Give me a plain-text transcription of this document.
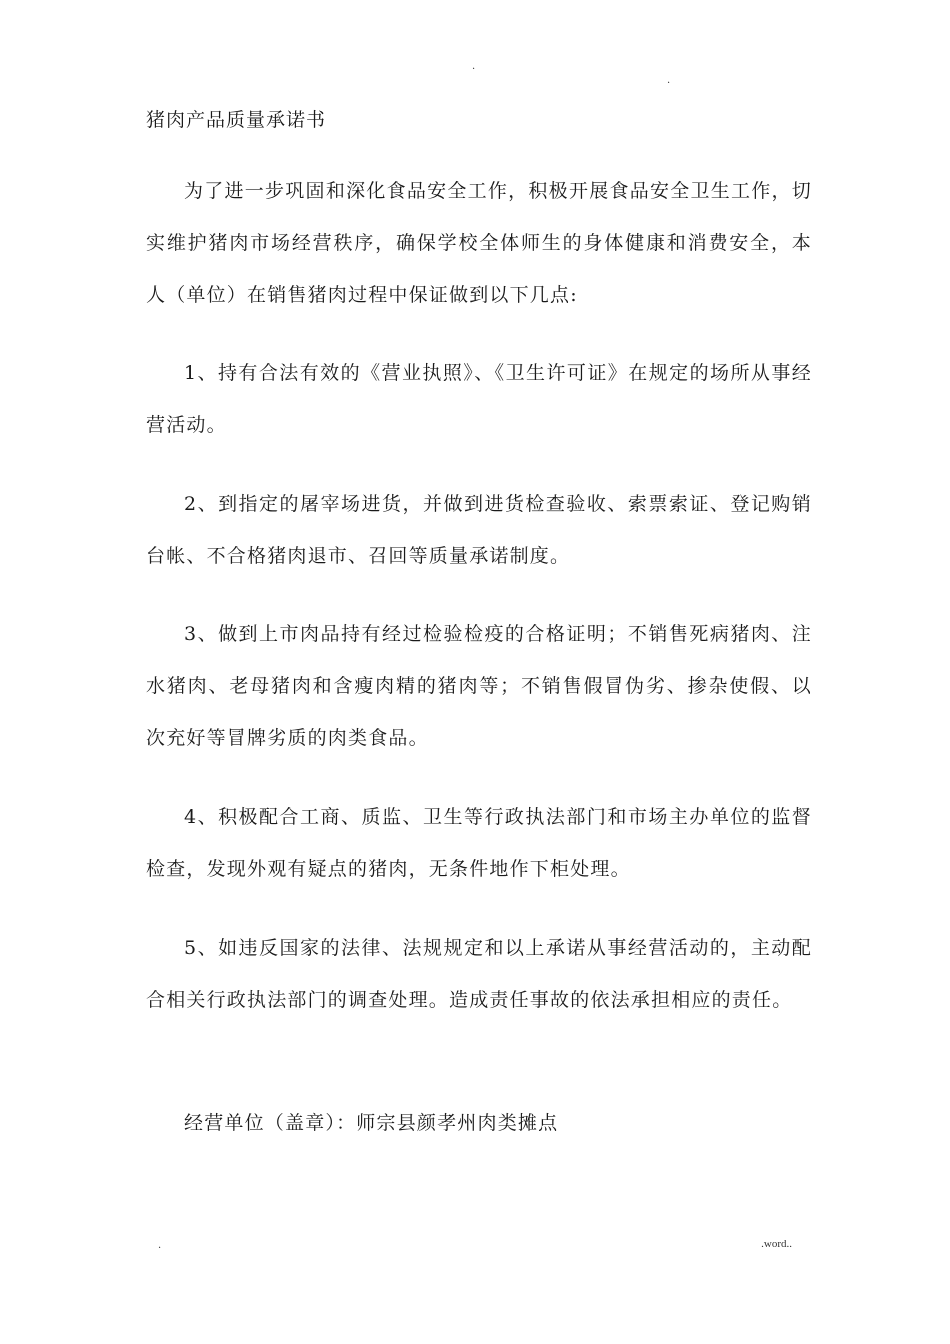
.
.
猪肉产品质量承诺书

为了进一步巩固和深化食品安全工作，积极开展食品安全卫生工作，切实维护猪肉市场经营秩序，确保学校全体师生的身体健康和消费安全，本人（单位）在销售猪肉过程中保证做到以下几点:

1、持有合法有效的《营业执照》、《卫生许可证》在规定的场所从事经营活动。

2、到指定的屠宰场进货，并做到进货检查验收、索票索证、登记购销台帐、不合格猪肉退市、召回等质量承诺制度。

3、做到上市肉品持有经过检验检疫的合格证明；不销售死病猪肉、注水猪肉、老母猪肉和含瘦肉精的猪肉等；不销售假冒伪劣、掺杂使假、以次充好等冒牌劣质的肉类食品。

4、积极配合工商、质监、卫生等行政执法部门和市场主办单位的监督检查，发现外观有疑点的猪肉，无条件地作下柜处理。

5、如违反国家的法律、法规规定和以上承诺从事经营活动的，主动配合相关行政执法部门的调查处理。造成责任事故的依法承担相应的责任。

经营单位（盖章）：师宗县颜孝州肉类摊点
.	.word..
